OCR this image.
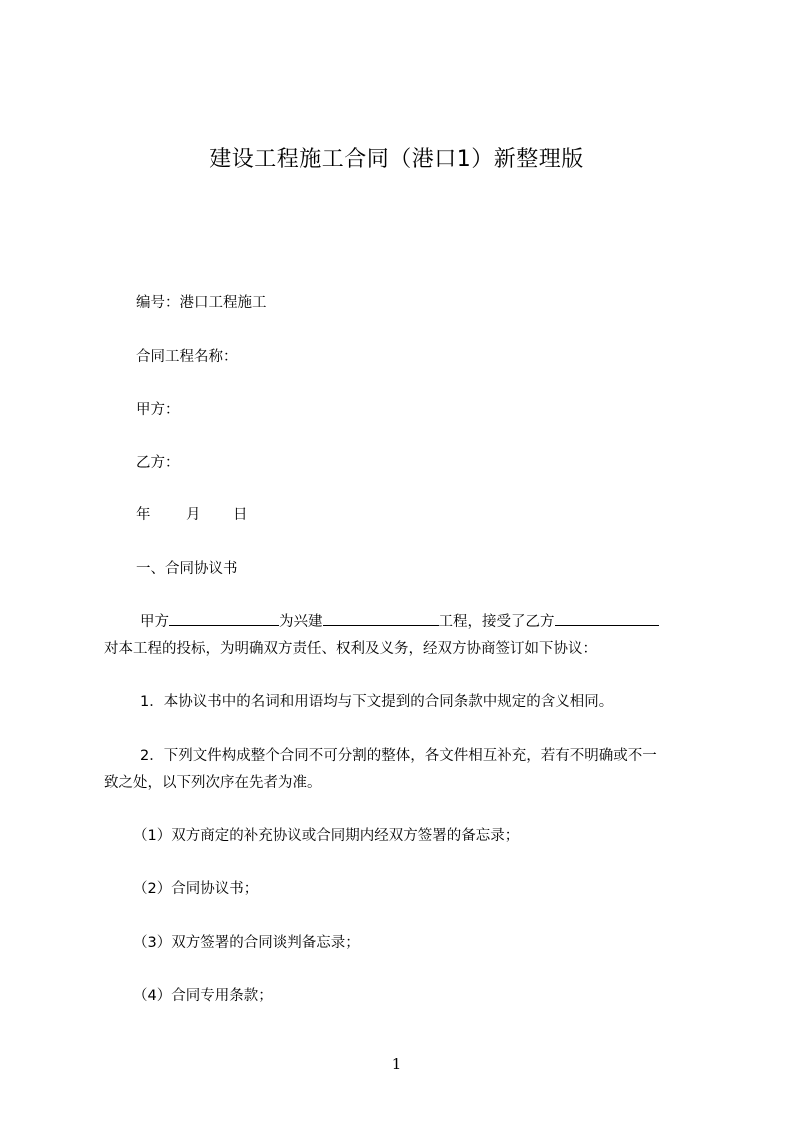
建设工程施工合同（港口1）新整理版
编号：港口工程施工
合同工程名称：
甲方：
乙方：
年 月 日
一、合同协议书
甲方	为兴建	工程，接受了乙方
对本工程的投标，为明确双方责任、权利及义务，经双方协商签订如下协议：
1．本协议书中的名词和用语均与下文提到的合同条款中规定的含义相同。
2．下列文件构成整个合同不可分割的整体，各文件相互补充，若有不明确或不一
致之处，以下列次序在先者为准。
（1）双方商定的补充协议或合同期内经双方签署的备忘录；
（2）合同协议书；
（3）双方签署的合同谈判备忘录；
（4）合同专用条款；
1
